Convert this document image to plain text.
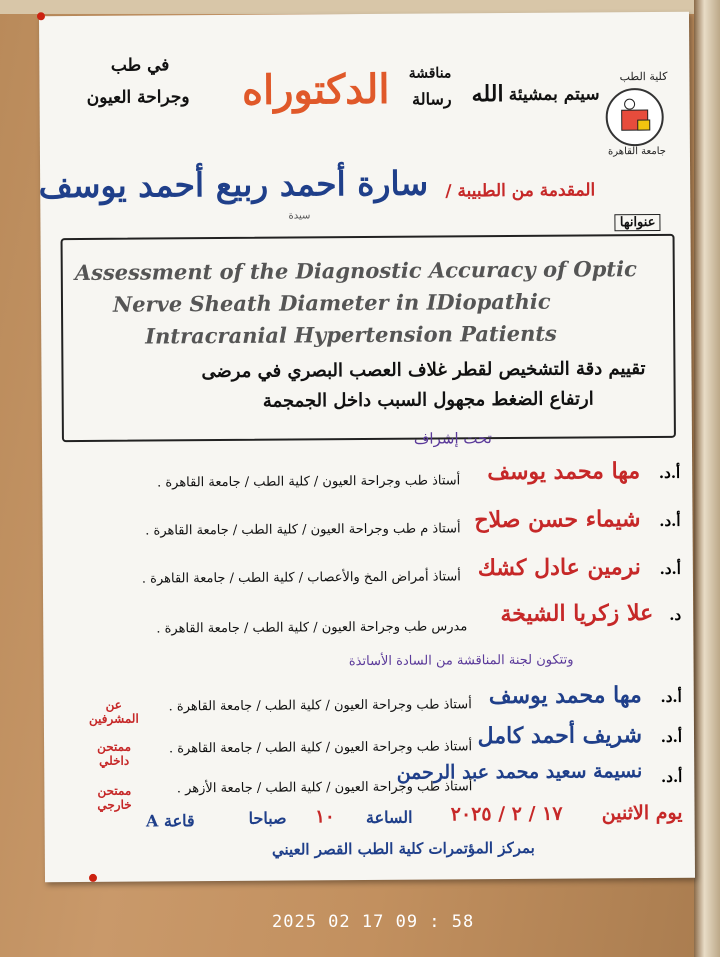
كلية الطب
جامعة القاهرة
سيتم بمشيئة
الله
مناقشة
رسالة
الدكتوراه
في طب
وجراحة العيون
المقدمة من الطبيبة /
سارة أحمد ربيع أحمد يوسف
سيدة	عنوانها
Assessment of the Diagnostic Accuracy of Optic
Nerve Sheath Diameter in IDiopathic
Intracranial Hypertension Patients
تقييم دقة التشخيص لقطر غلاف العصب البصري في مرضى
ارتفاع الضغط مجهول السبب داخل الجمجمة
تحت إشراف
أ.د.
مها محمد يوسف
أستاذ طب وجراحة العيون / كلية الطب / جامعة القاهرة .
أ.د.
شيماء حسن صلاح
أستاذ م طب وجراحة العيون / كلية الطب / جامعة القاهرة .
أ.د.
نرمين عادل كشك
أستاذ أمراض المخ والأعصاب / كلية الطب / جامعة القاهرة .
د.
علا زكريا الشيخة
مدرس طب وجراحة العيون / كلية الطب / جامعة القاهرة .
وتتكون لجنة المناقشة من السادة الأساتذة
أ.د.
مها محمد يوسف
أستاذ طب وجراحة العيون / كلية الطب / جامعة القاهرة .
عن المشرفين
أ.د.
شريف أحمد كامل
أستاذ طب وجراحة العيون / كلية الطب / جامعة القاهرة .
ممتحن داخلي
أ.د.
نسيمة سعيد محمد عبد الرحمن
أستاذ طب وجراحة العيون / كلية الطب / جامعة الأزهر .
ممتحن خارجي	يوم الاثنين
١٧ / ٢ / ٢٠٢٥
الساعة
١٠
صباحا
قاعة A
بمركز المؤتمرات كلية الطب القصر العيني
2025 02 17 09 : 58
